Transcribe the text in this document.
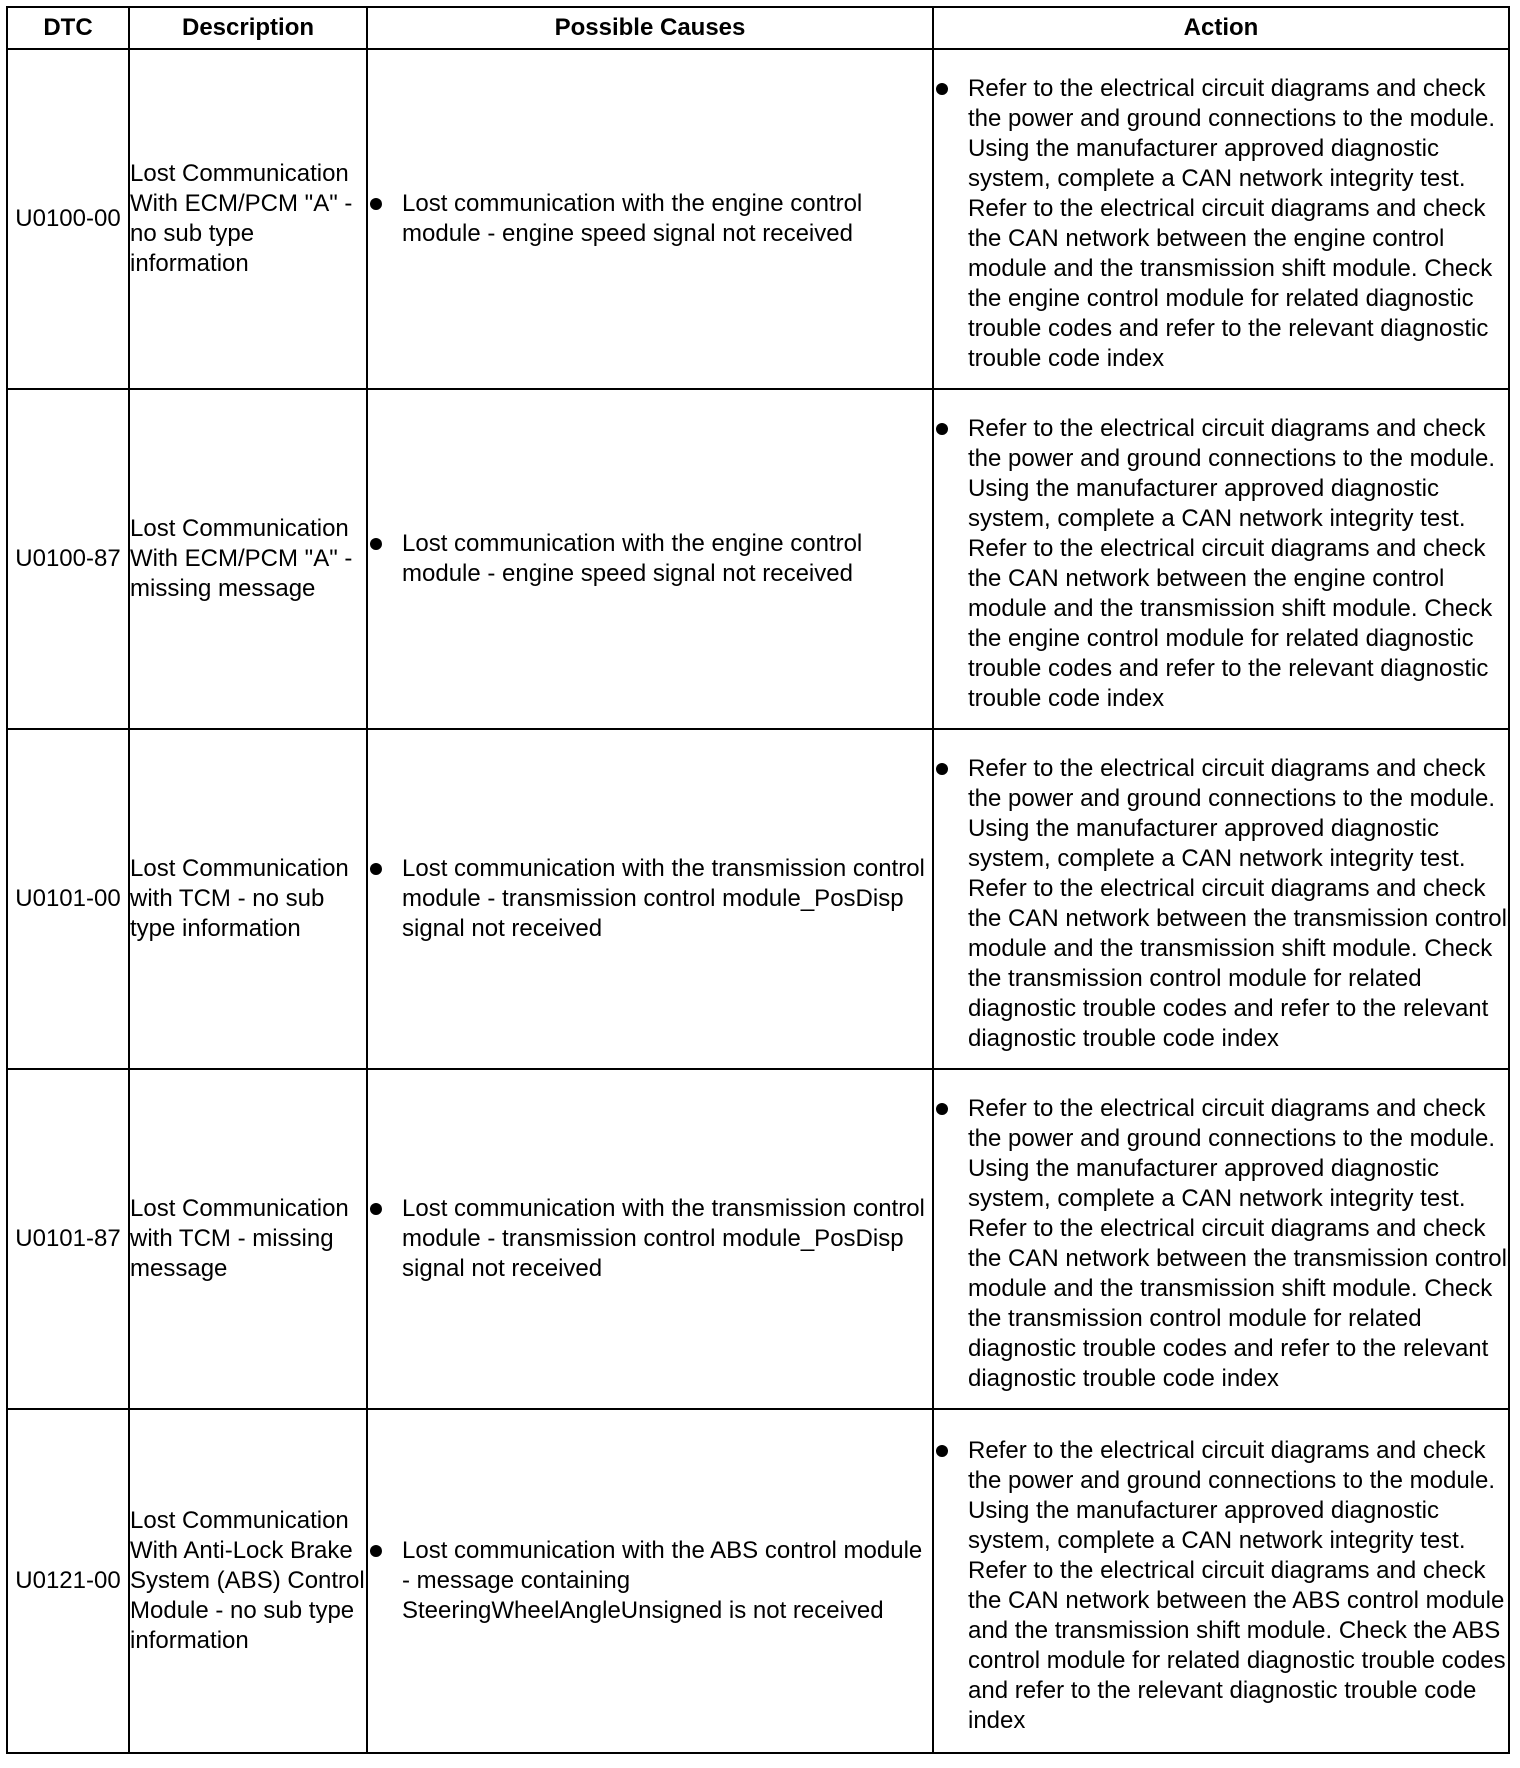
DTC	Description	Possible Causes	Action
U0100-00	Lost Communication With ECM/PCM "A" - no sub type information	Lost communication with the engine control module - engine speed signal not received	Refer to the electrical circuit diagrams and check the power and ground connections to the module. Using the manufacturer approved diagnostic system, complete a CAN network integrity test. Refer to the electrical circuit diagrams and check the CAN network between the engine control module and the transmission shift module. Check the engine control module for related diagnostic trouble codes and refer to the relevant diagnostic trouble code index

U0100-87	Lost Communication With ECM/PCM "A" - missing message	Lost communication with the engine control module - engine speed signal not received	Refer to the electrical circuit diagrams and check the power and ground connections to the module. Using the manufacturer approved diagnostic system, complete a CAN network integrity test. Refer to the electrical circuit diagrams and check the CAN network between the engine control module and the transmission shift module. Check the engine control module for related diagnostic trouble codes and refer to the relevant diagnostic trouble code index

U0101-00	Lost Communication with TCM - no sub type information	Lost communication with the transmission control module - transmission control module_PosDisp signal not received	Refer to the electrical circuit diagrams and check the power and ground connections to the module. Using the manufacturer approved diagnostic system, complete a CAN network integrity test. Refer to the electrical circuit diagrams and check the CAN network between the transmission control module and the transmission shift module. Check the transmission control module for related diagnostic trouble codes and refer to the relevant diagnostic trouble code index

U0101-87	Lost Communication with TCM - missing message	Lost communication with the transmission control module - transmission control module_PosDisp signal not received	Refer to the electrical circuit diagrams and check the power and ground connections to the module. Using the manufacturer approved diagnostic system, complete a CAN network integrity test. Refer to the electrical circuit diagrams and check the CAN network between the transmission control module and the transmission shift module. Check the transmission control module for related diagnostic trouble codes and refer to the relevant diagnostic trouble code index

U0121-00	Lost Communication With Anti-Lock Brake System (ABS) Control Module - no sub type information	Lost communication with the ABS control module - message containing SteeringWheelAngleUnsigned is not received	Refer to the electrical circuit diagrams and check the power and ground connections to the module. Using the manufacturer approved diagnostic system, complete a CAN network integrity test. Refer to the electrical circuit diagrams and check the CAN network between the ABS control module and the transmission shift module. Check the ABS control module for related diagnostic trouble codes and refer to the relevant diagnostic trouble code index
